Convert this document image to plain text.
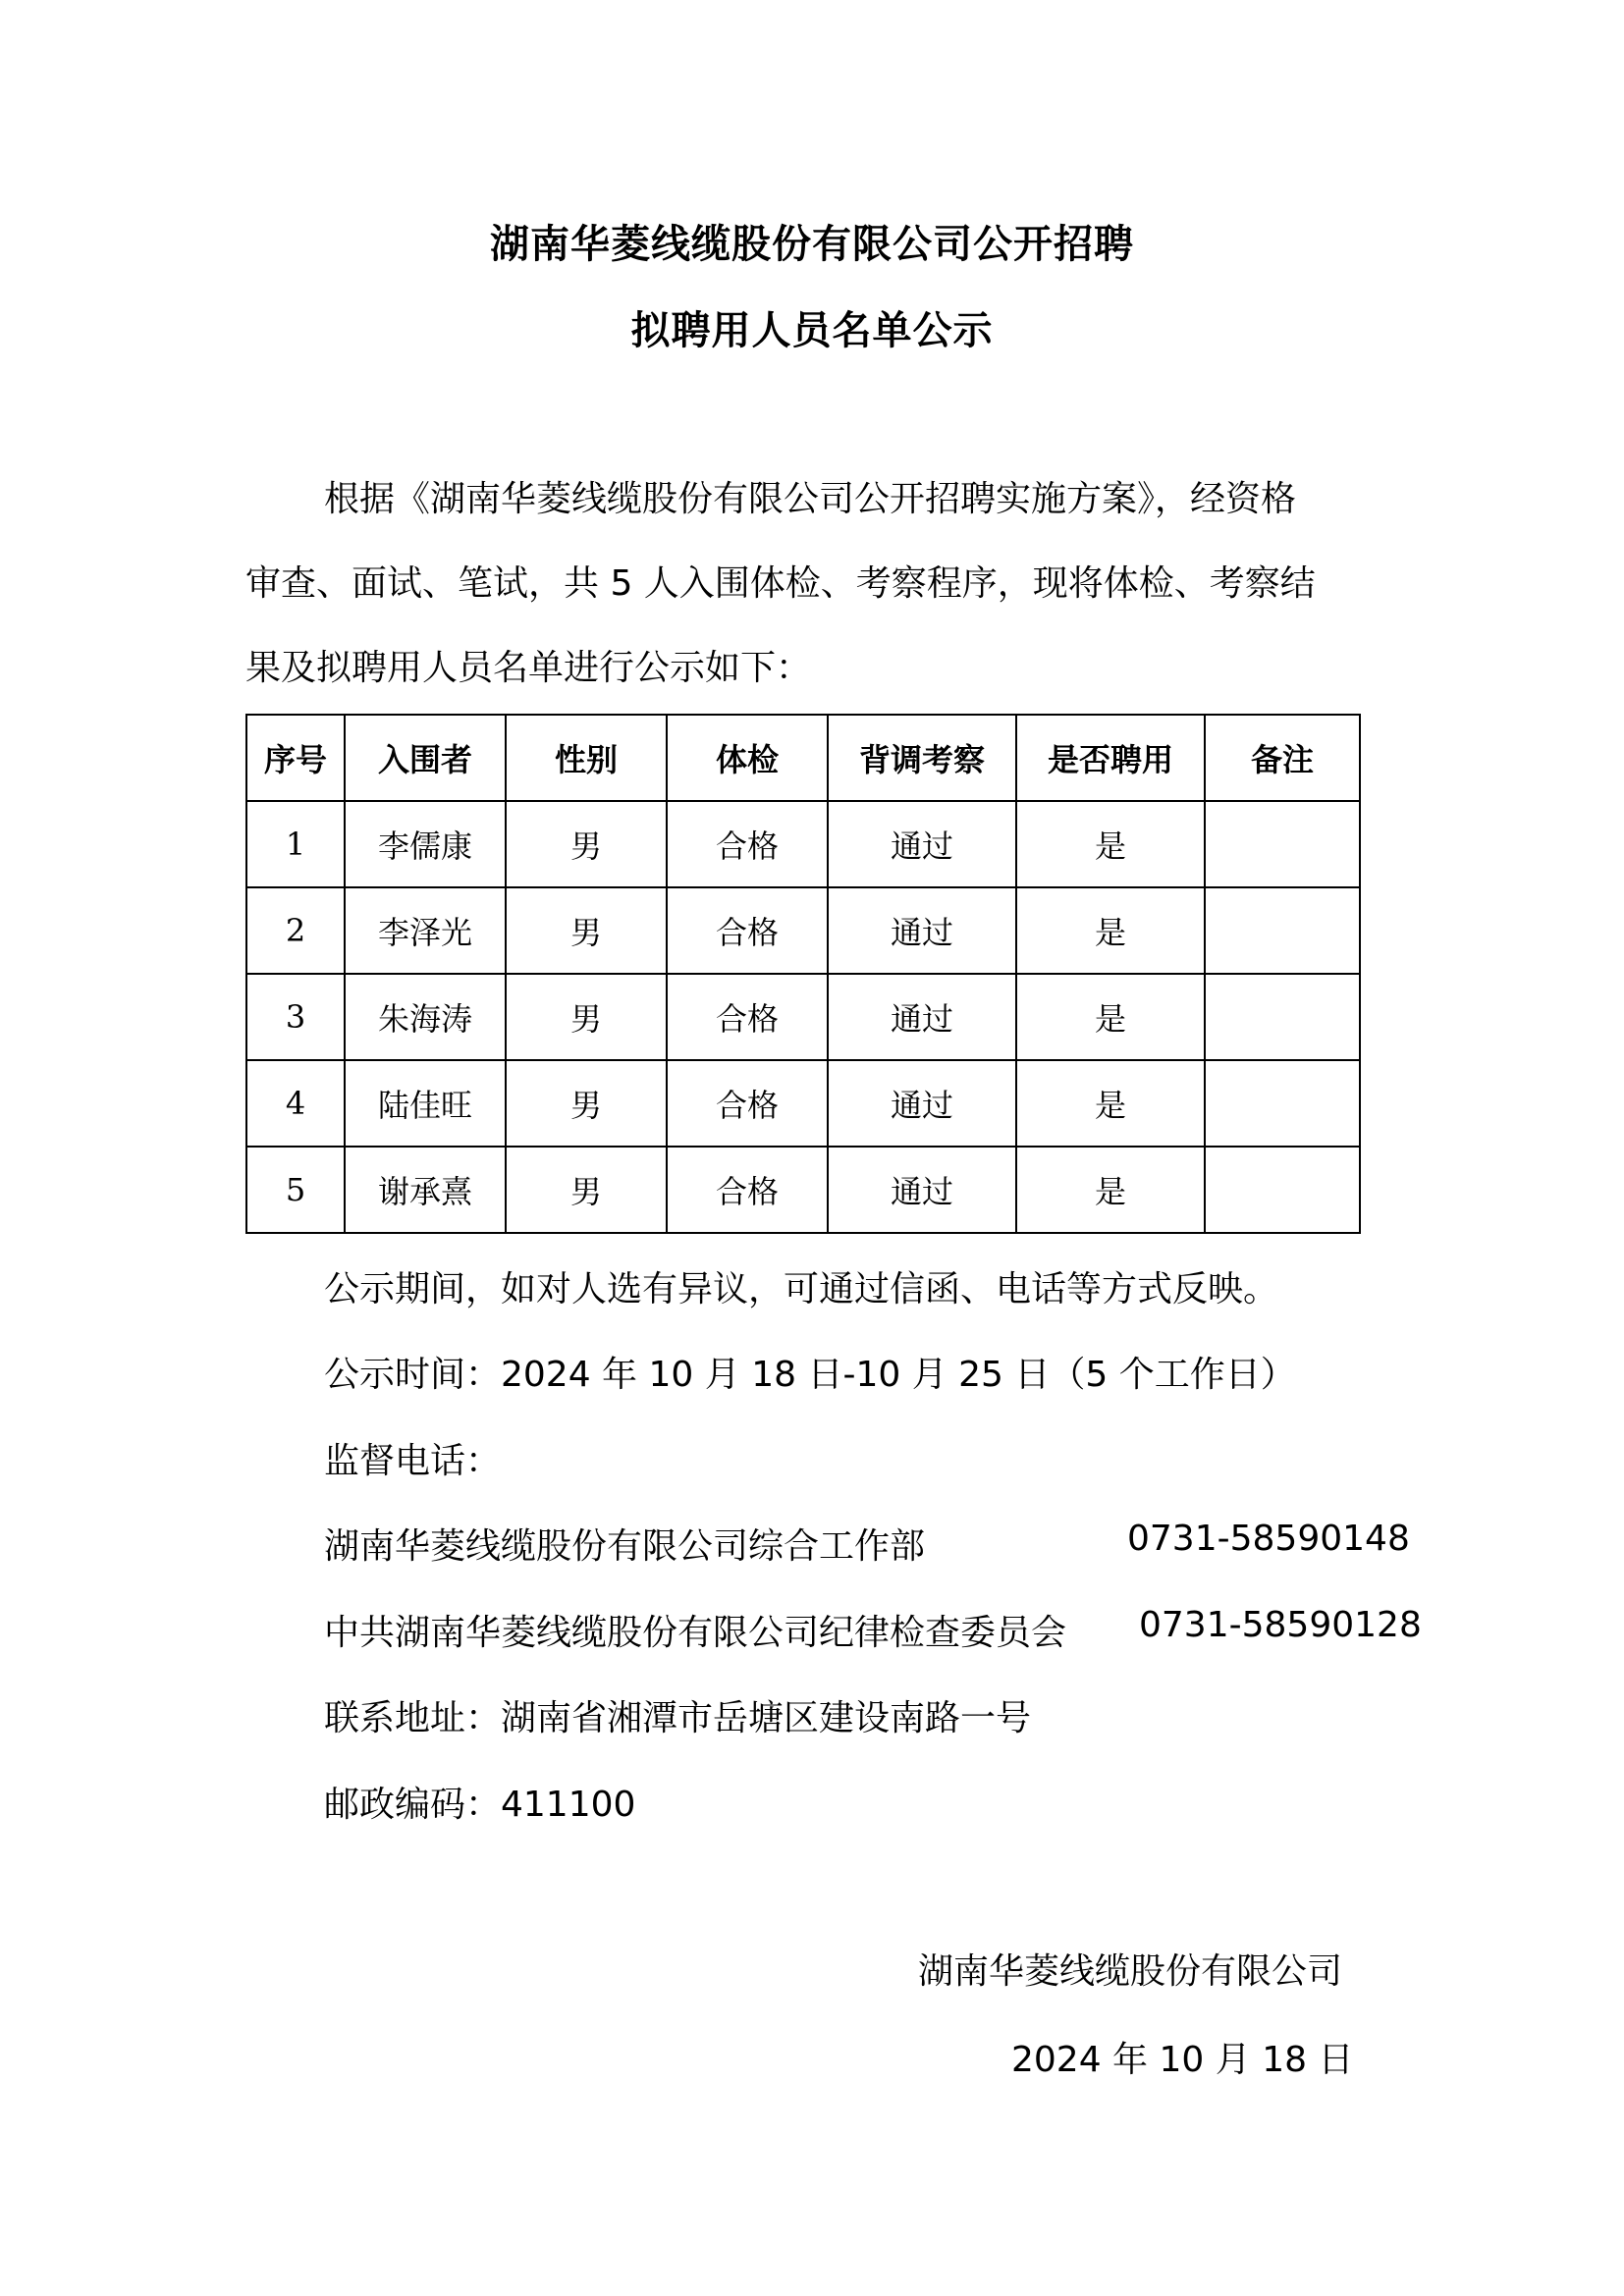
湖南华菱线缆股份有限公司公开招聘
拟聘用人员名单公示
根据《湖南华菱线缆股份有限公司公开招聘实施方案》，经资格
审查、面试、笔试，共 5 人入围体检、考察程序，现将体检、考察结
果及拟聘用人员名单进行公示如下：
序号	入围者	性别	体检	背调考察	是否聘用	备注
1	李儒康	男	合格	通过	是	
2	李泽光	男	合格	通过	是	
3	朱海涛	男	合格	通过	是	
4	陆佳旺	男	合格	通过	是	
5	谢承熹	男	合格	通过	是	
公示期间，如对人选有异议，可通过信函、电话等方式反映。
公示时间：2024 年 10 月 18 日-10 月 25 日（5 个工作日）
监督电话：
湖南华菱线缆股份有限公司综合工作部	0731-58590148
中共湖南华菱线缆股份有限公司纪律检查委员会 0731-58590128
联系地址：湖南省湘潭市岳塘区建设南路一号
邮政编码：411100
湖南华菱线缆股份有限公司
2024 年 10 月 18 日
